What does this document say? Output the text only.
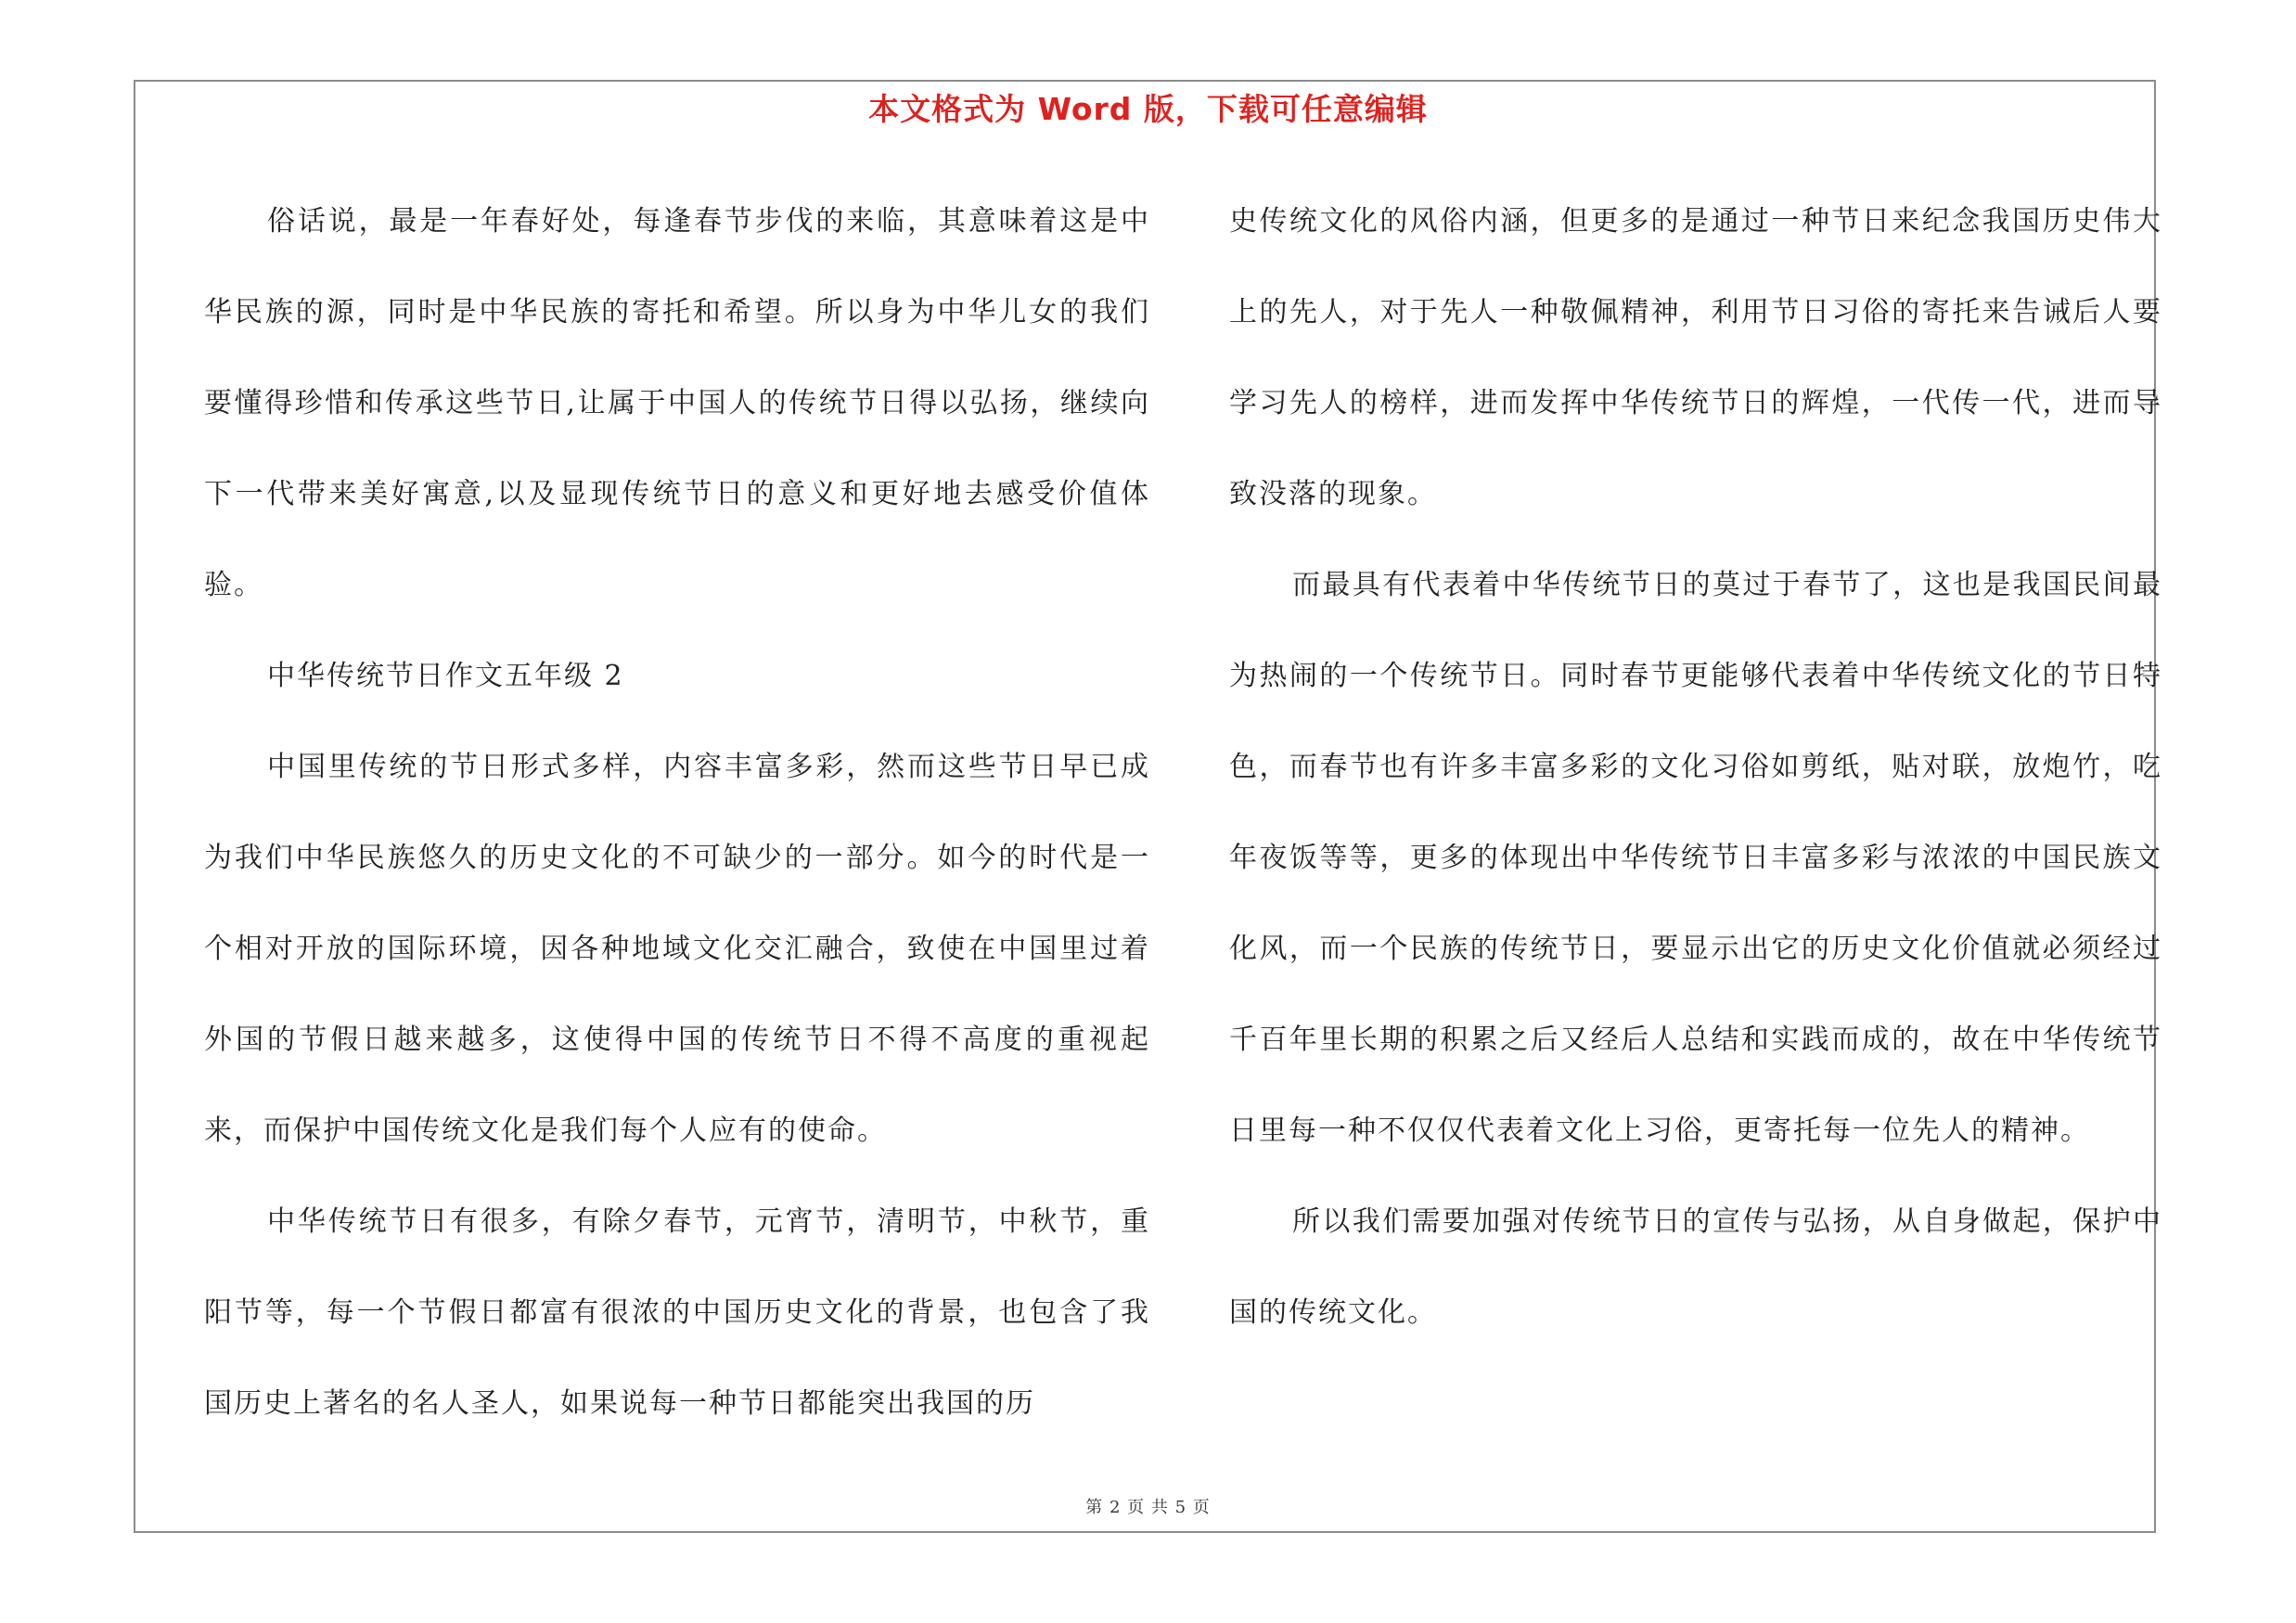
本文格式为 Word 版，下载可任意编辑

俗话说，最是一年春好处，每逢春节步伐的来临，其意味着这是中华民族的源，同时是中华民族的寄托和希望。所以身为中华儿女的我们要懂得珍惜和传承这些节日,让属于中国人的传统节日得以弘扬，继续向下一代带来美好寓意,以及显现传统节日的意义和更好地去感受价值体验。

中华传统节日作文五年级 2

中国里传统的节日形式多样，内容丰富多彩，然而这些节日早已成为我们中华民族悠久的历史文化的不可缺少的一部分。如今的时代是一个相对开放的国际环境，因各种地域文化交汇融合，致使在中国里过着外国的节假日越来越多，这使得中国的传统节日不得不高度的重视起来，而保护中国传统文化是我们每个人应有的使命。

中华传统节日有很多，有除夕春节，元宵节，清明节，中秋节，重阳节等，每一个节假日都富有很浓的中国历史文化的背景，也包含了我国历史上著名的名人圣人，如果说每一种节日都能突出我国的历

史传统文化的风俗内涵，但更多的是通过一种节日来纪念我国历史伟大上的先人，对于先人一种敬佩精神，利用节日习俗的寄托来告诫后人要学习先人的榜样，进而发挥中华传统节日的辉煌，一代传一代，进而导致没落的现象。

而最具有代表着中华传统节日的莫过于春节了，这也是我国民间最为热闹的一个传统节日。同时春节更能够代表着中华传统文化的节日特色，而春节也有许多丰富多彩的文化习俗如剪纸，贴对联，放炮竹，吃年夜饭等等，更多的体现出中华传统节日丰富多彩与浓浓的中国民族文化风，而一个民族的传统节日，要显示出它的历史文化价值就必须经过千百年里长期的积累之后又经后人总结和实践而成的，故在中华传统节日里每一种不仅仅代表着文化上习俗，更寄托每一位先人的精神。

所以我们需要加强对传统节日的宣传与弘扬，从自身做起，保护中国的传统文化。

第 2 页 共 5 页
